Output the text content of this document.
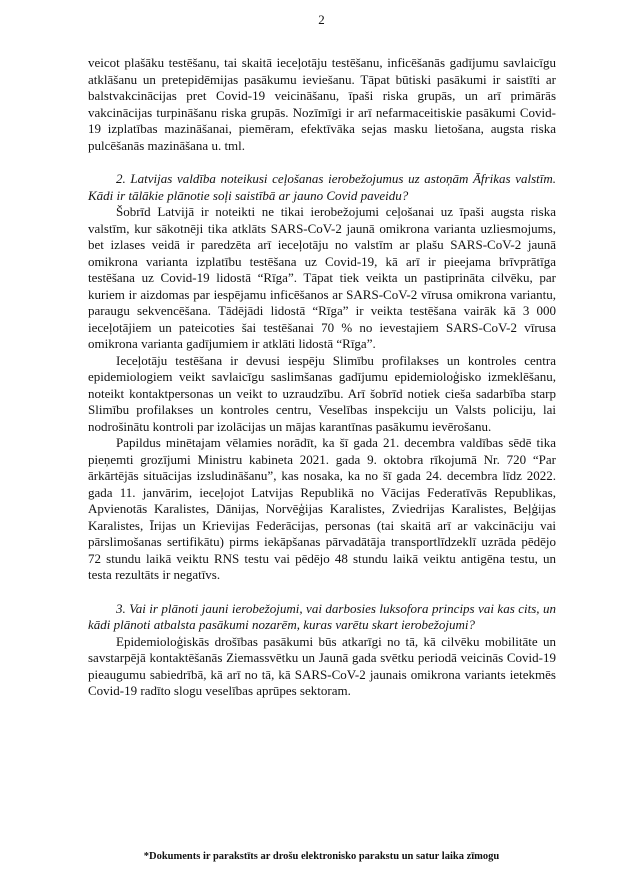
2

veicot plašāku testēšanu, tai skaitā ieceļotāju testēšanu, inficēšanās gadījumu savlaicīgu atklāšanu un pretepidēmijas pasākumu ieviešanu. Tāpat būtiski pasākumi ir saistīti ar balstvakcinācijas pret Covid-19 veicināšanu, īpaši riska grupās, un arī primārās vakcinācijas turpināšanu riska grupās. Nozīmīgi ir arī nefarmaceitiskie pasākumi Covid-19 izplatības mazināšanai, piemēram, efektīvāka sejas masku lietošana, augsta riska pulcēšanās mazināšana u. tml.

2. Latvijas valdība noteikusi ceļošanas ierobežojumus uz astoņām Āfrikas valstīm. Kādi ir tālākie plānotie soļi saistībā ar jauno Covid paveidu?

Šobrīd Latvijā ir noteikti ne tikai ierobežojumi ceļošanai uz īpaši augsta riska valstīm, kur sākotnēji tika atklāts SARS-CoV-2 jaunā omikrona varianta uzliesmojums, bet izlases veidā ir paredzēta arī ieceļotāju no valstīm ar plašu SARS-CoV-2 jaunā omikrona varianta izplatību testēšana uz Covid-19, kā arī ir pieejama brīvprātīga testēšana uz Covid-19 lidostā “Rīga”. Tāpat tiek veikta un pastiprināta cilvēku, par kuriem ir aizdomas par iespējamu inficēšanos ar SARS-CoV-2 vīrusa omikrona variantu, paraugu sekvencēšana. Tādējādi lidostā “Rīga” ir veikta testēšana vairāk kā 3 000 ieceļotājiem un pateicoties šai testēšanai 70 % no ievestajiem SARS-CoV-2 vīrusa omikrona varianta gadījumiem ir atklāti lidostā “Rīga”.

Ieceļotāju testēšana ir devusi iespēju Slimību profilakses un kontroles centra epidemiologiem veikt savlaicīgu saslimšanas gadījumu epidemioloģisko izmeklēšanu, noteikt kontaktpersonas un veikt to uzraudzību. Arī šobrīd notiek cieša sadarbība starp Slimību profilakses un kontroles centru, Veselības inspekciju un Valsts policiju, lai nodrošinātu kontroli par izolācijas un mājas karantīnas pasākumu ievērošanu.

Papildus minētajam vēlamies norādīt, ka šī gada 21. decembra valdības sēdē tika pieņemti grozījumi Ministru kabineta 2021. gada 9. oktobra rīkojumā Nr. 720 “Par ārkārtējās situācijas izsludināšanu”, kas nosaka, ka no šī gada 24. decembra līdz 2022. gada 11. janvārim, ieceļojot Latvijas Republikā no Vācijas Federatīvās Republikas, Apvienotās Karalistes, Dānijas, Norvēģijas Karalistes, Zviedrijas Karalistes, Beļģijas Karalistes, Īrijas un Krievijas Federācijas, personas (tai skaitā arī ar vakcināciju vai pārslimošanas sertifikātu) pirms iekāpšanas pārvadātāja transportlīdzeklī uzrāda pēdējo 72 stundu laikā veiktu RNS testu vai pēdējo 48 stundu laikā veiktu antigēna testu, un testa rezultāts ir negatīvs.

3. Vai ir plānoti jauni ierobežojumi, vai darbosies luksofora princips vai kas cits, un kādi plānoti atbalsta pasākumi nozarēm, kuras varētu skart ierobežojumi?

Epidemioloģiskās drošības pasākumi būs atkarīgi no tā, kā cilvēku mobilitāte un savstarpējā kontaktēšanās Ziemassvētku un Jaunā gada svētku periodā veicinās Covid-19 pieaugumu sabiedrībā, kā arī no tā, kā SARS-CoV-2 jaunais omikrona variants ietekmēs Covid-19 radīto slogu veselības aprūpes sektoram.

*Dokuments ir parakstīts ar drošu elektronisko parakstu un satur laika zīmogu
